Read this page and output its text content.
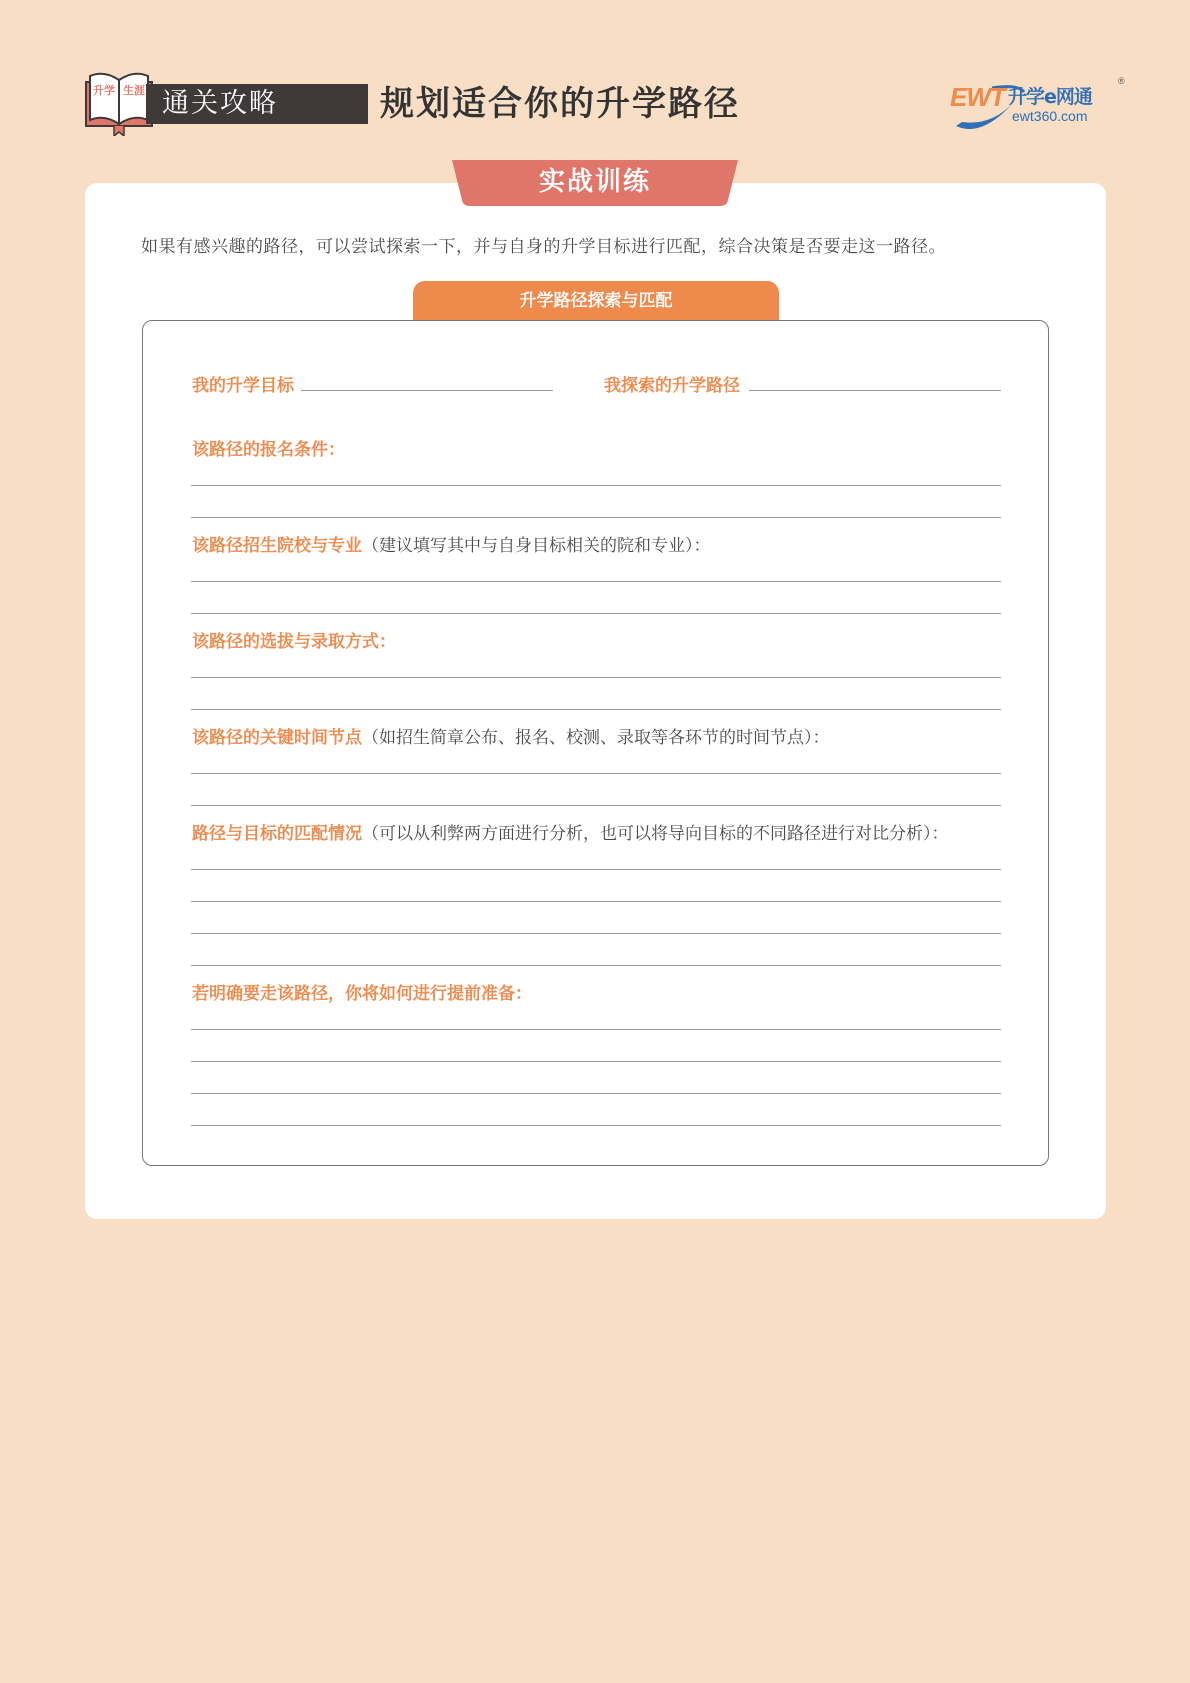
升学 生涯 通关攻略	规划适合你的升学路径	EWT 升学e网通
ewt360.com
®
实战训练
如果有感兴趣的路径，可以尝试探索一下，并与自身的升学目标进行匹配，综合决策是否要走这一路径。
升学路径探索与匹配
我的升学目标	我探索的升学路径
该路径的报名条件：
该路径招生院校与专业（建议填写其中与自身目标相关的院和专业）：
该路径的选拔与录取方式：
该路径的关键时间节点（如招生简章公布、报名、校测、录取等各环节的时间节点）：
路径与目标的匹配情况（可以从利弊两方面进行分析，也可以将导向目标的不同路径进行对比分析）：
若明确要走该路径，你将如何进行提前准备：
